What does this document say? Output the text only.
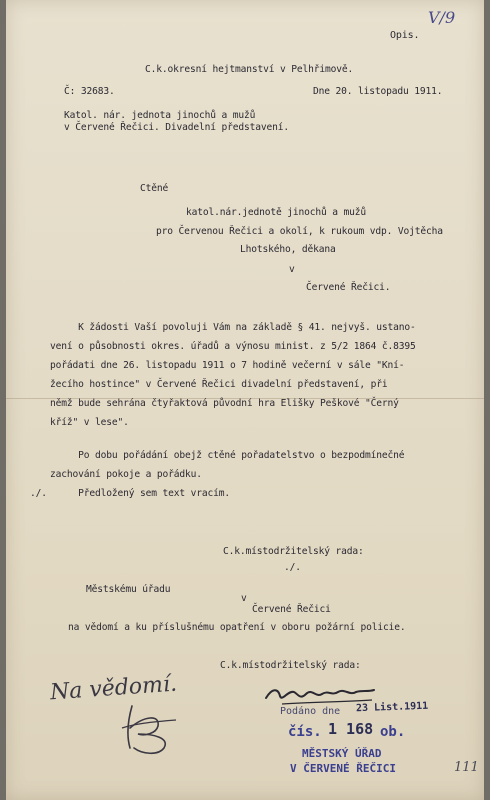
Opis.

V/9

C.k.okresní hejtmanství v Pelhřimově.

Č: 32683.	Dne 20. listopadu 1911.

Katol. nár. jednota jinochů a mužů

v Červené Řečici. Divadelní představení.

Ctěné

katol.nár.jednotě jinochů a mužů

pro Červenou Řečici a okolí, k rukoum vdp. Vojtěcha

Lhotského, děkana

v

Červené Řečici.

K žádosti Vaší povoluji Vám na základě § 41. nejvyš. ustano-

vení o působnosti okres. úřadů a výnosu minist. z 5/2 1864 č.8395

pořádati dne 26. listopadu 1911 o 7 hodině večerní v sále "Kní-

žecího hostince" v Červené Řečici divadelní představení, při

němž bude sehrána čtyřaktová původní hra Elišky Peškové "Černý

kříž" v lese".

Po dobu pořádání obejž ctěné pořadatelstvo o bezpodmínečné

zachování pokoje a pořádku.

./. Předložený sem text vracím.

C.k.místodržitelský rada:

./.

Městskému úřadu

v

Červené Řečici

na vědomí a ku příslušnému opatření v oboru požární policie.

C.k.místodržitelský rada:

Na vědomí.
Podáno dne 23 List.1911
čís. 1 168 ob.
MĚSTSKÝ ÚŘAD
V ČERVENÉ ŘEČICI	111
